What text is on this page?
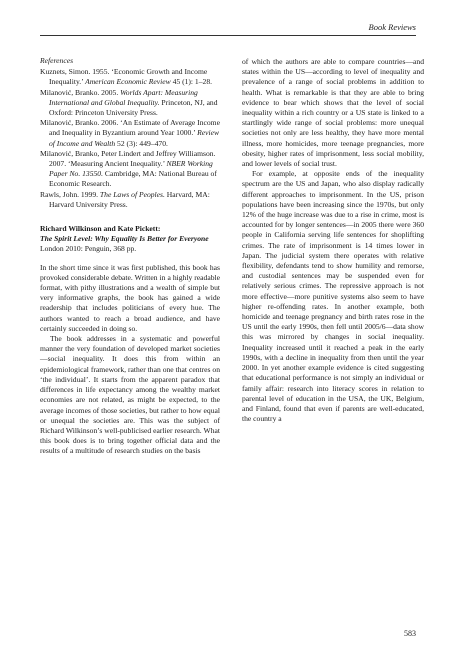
Book Reviews

References

Kuznets, Simon. 1955. ‘Economic Growth and Income Inequality.’ American Economic Review 45 (1): 1–28.

Milanović, Branko. 2005. Worlds Apart: Measuring International and Global Inequality. Princeton, NJ, and Oxford: Princeton University Press.

Milanović, Branko. 2006. ‘An Estimate of Average Income and Inequality in Byzantium around Year 1000.’ Review of Income and Wealth 52 (3): 449–470.

Milanović, Branko, Peter Lindert and Jeffrey Williamson. 2007. ‘Measuring Ancient Inequality.’ NBER Working Paper No. 13550. Cambridge, MA: National Bureau of Economic Research.

Rawls, John. 1999. The Laws of Peoples. Harvard, MA: Harvard University Press.

Richard Wilkinson and Kate Pickett:

The Spirit Level: Why Equality Is Better for Everyone

London 2010: Penguin, 368 pp.

In the short time since it was first published, this book has provoked considerable debate. Written in a highly readable format, with pithy illustrations and a wealth of simple but very informative graphs, the book has gained a wide readership that includes politicians of every hue. The authors wanted to reach a broad audience, and have certainly succeeded in doing so.

The book addresses in a systematic and powerful manner the very foundation of developed market societies—social inequality. It does this from within an epidemiological framework, rather than one that centres on ‘the individual’. It starts from the apparent paradox that differences in life expectancy among the wealthy market economies are not related, as might be expected, to the average incomes of those societies, but rather to how equal or unequal the societies are. This was the subject of Richard Wilkinson’s well-publicised earlier research. What this book does is to bring together official data and the results of a multitude of research studies on the basis

of which the authors are able to compare countries—and states within the US—according to level of inequality and prevalence of a range of social problems in addition to health. What is remarkable is that they are able to bring evidence to bear which shows that the level of social inequality within a rich country or a US state is linked to a startlingly wide range of social problems: more unequal societies not only are less healthy, they have more mental illness, more homicides, more teenage pregnancies, more obesity, higher rates of imprisonment, less social mobility, and lower levels of social trust.

For example, at opposite ends of the inequality spectrum are the US and Japan, who also display radically different approaches to imprisonment. In the US, prison populations have been increasing since the 1970s, but only 12% of the huge increase was due to a rise in crime, most is accounted for by longer sentences—in 2005 there were 360 people in California serving life sentences for shoplifting crimes. The rate of imprisonment is 14 times lower in Japan. The judicial system there operates with relative flexibility, defendants tend to show humility and remorse, and custodial sentences may be suspended even for relatively serious crimes. The repressive approach is not more effective—more punitive systems also seem to have higher re-offending rates. In another example, both homicide and teenage pregnancy and birth rates rose in the US until the early 1990s, then fell until 2005/6—data show this was mirrored by changes in social inequality. Inequality increased until it reached a peak in the early 1990s, with a decline in inequality from then until the year 2000. In yet another example evidence is cited suggesting that educational performance is not simply an individual or family affair: research into literacy scores in relation to parental level of education in the USA, the UK, Belgium, and Finland, found that even if parents are well-educated, the country a

583
